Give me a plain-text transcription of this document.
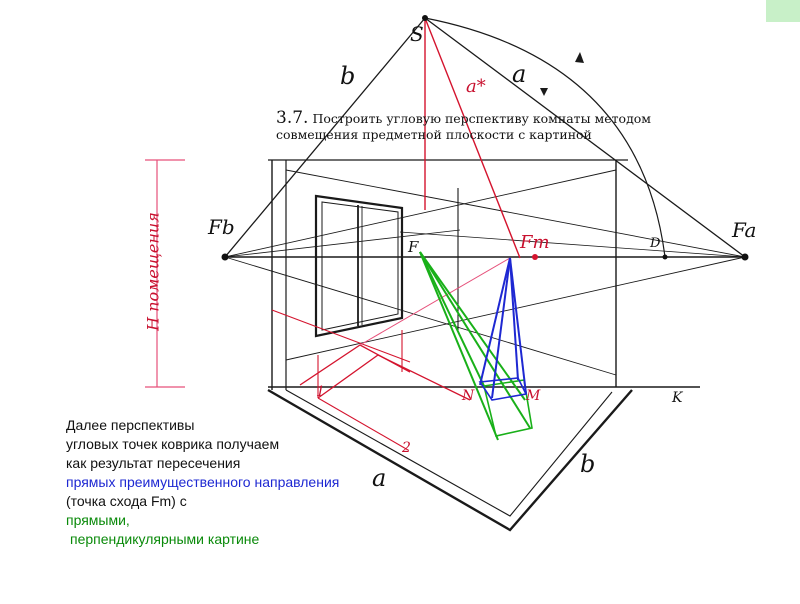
3.7. Построить угловую перспективу комнаты методом совмещения предметной плоскости с картиной
S
a
b	a*
Fb	Fa
Fm	D
K
N	M
1
2
a	b
F
H помещения
Далее перспективы
угловых точек коврика получаем
как результат пересечения
прямых преимущественного направления (точка схода Fm) с
прямыми,
перпендикулярными картине
